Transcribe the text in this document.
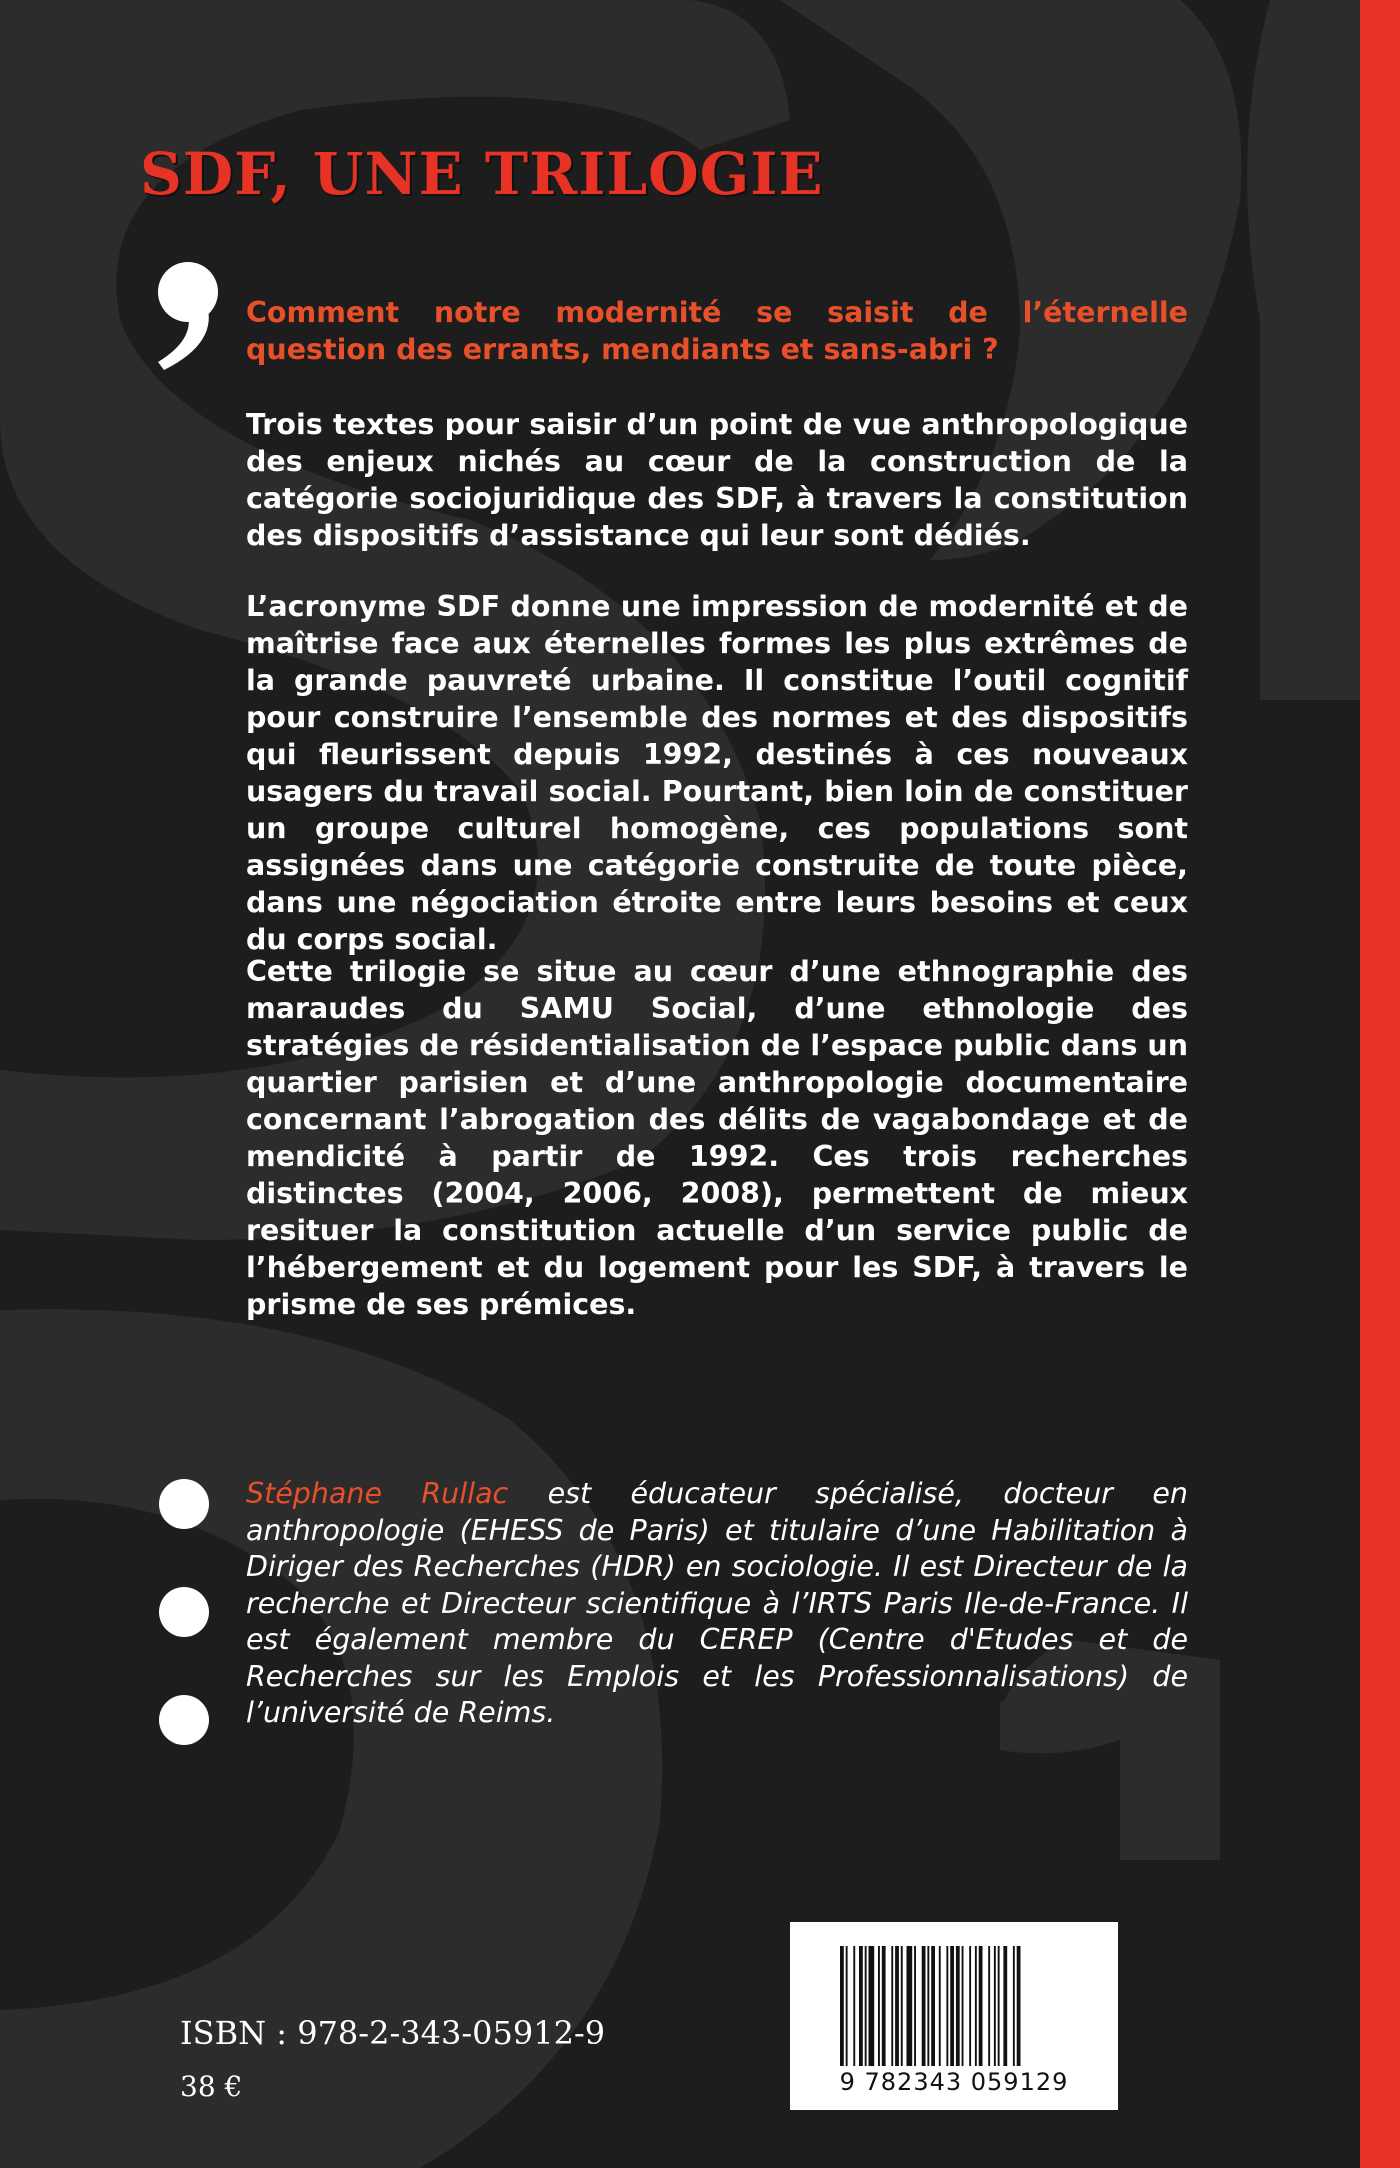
SDF, UNE TRILOGIE

Comment notre modernité se saisit de l’éternelle question des errants, mendiants et sans-abri ?

Trois textes pour saisir d’un point de vue anthropologique des enjeux nichés au cœur de la construction de la catégorie sociojuridique des SDF, à travers la constitution des dispositifs d’assistance qui leur sont dédiés.

L’acronyme SDF donne une impression de modernité et de maîtrise face aux éternelles formes les plus extrêmes de la grande pauvreté urbaine. Il constitue l’outil cognitif pour construire l’ensemble des normes et des dispositifs qui fleurissent depuis 1992, destinés à ces nouveaux usagers du travail social. Pourtant, bien loin de constituer un groupe culturel homogène, ces populations sont assignées dans une catégorie construite de toute pièce, dans une négociation étroite entre leurs besoins et ceux du corps social.

Cette trilogie se situe au cœur d’une ethnographie des maraudes du SAMU Social, d’une ethnologie des stratégies de résidentialisation de l’espace public dans un quartier parisien et d’une anthropologie documentaire concernant l’abrogation des délits de vagabondage et de mendicité à partir de 1992. Ces trois recherches distinctes (2004, 2006, 2008), permettent de mieux resituer la constitution actuelle d’un service public de l’hébergement et du logement pour les SDF, à travers le prisme de ses prémices.

Stéphane Rullac est éducateur spécialisé, docteur en anthropologie (EHESS de Paris) et titulaire d’une Habilitation à Diriger des Recherches (HDR) en sociologie. Il est Directeur de la recherche et Directeur scientifique à l’IRTS Paris Ile-de-France. Il est également membre du CEREP (Centre d'Etudes et de Recherches sur les Emplois et les Professionnalisations) de l’université de Reims.

ISBN : 978-2-343-05912-9
38 €	9 782343 059129
